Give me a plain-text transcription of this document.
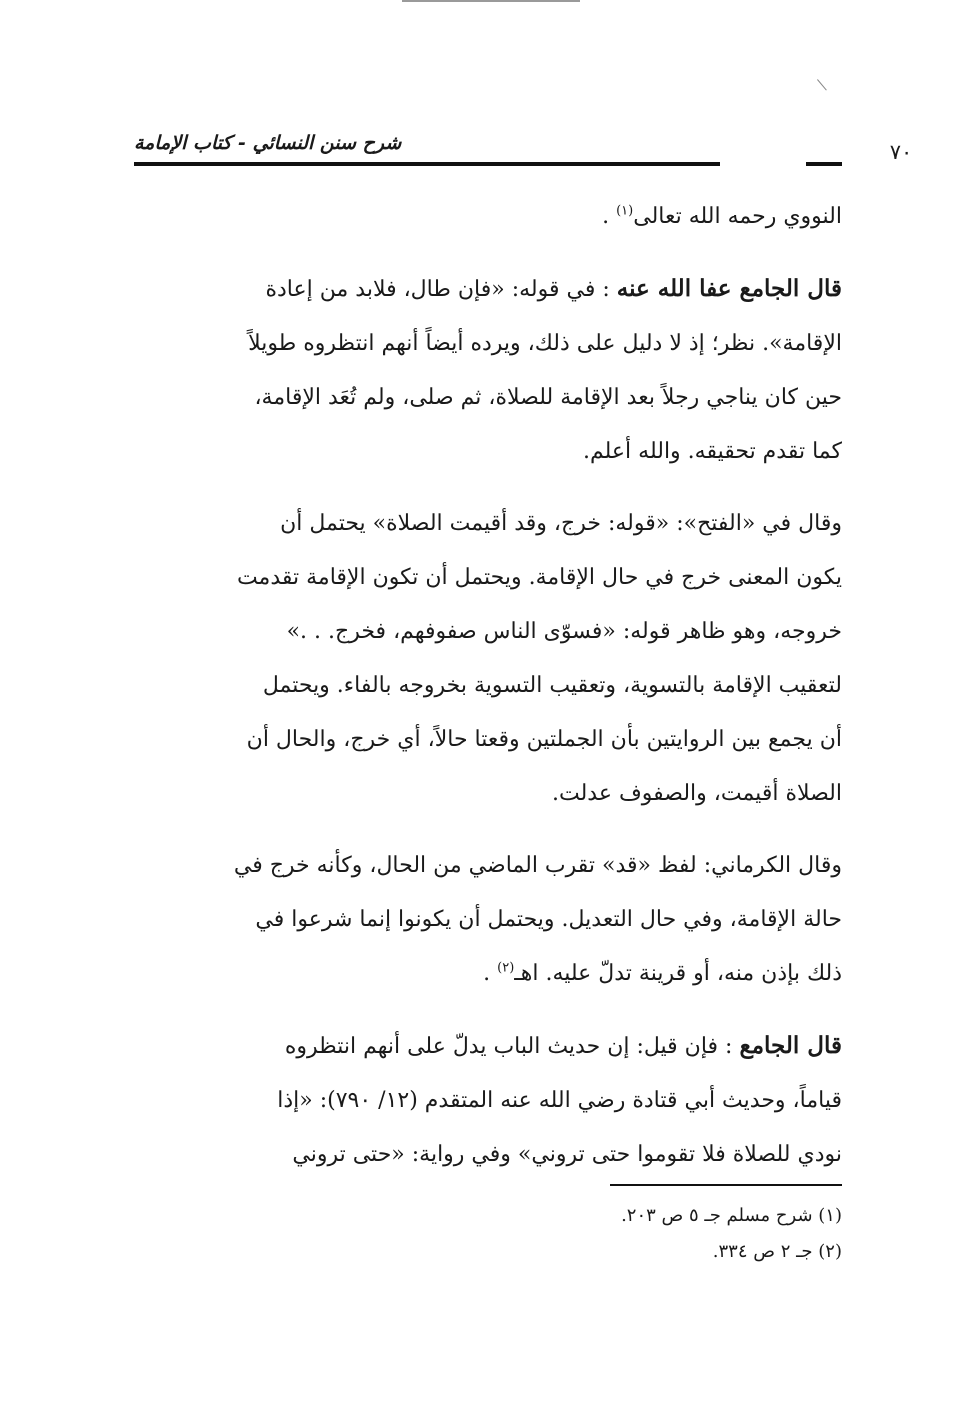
شرح سنن النسائي - كتاب الإمامة	٧٠
النووي رحمه الله تعالى$^{(١)}$ .
قال الجامع عفا الله عنه : في قوله: «فإن طال، فلابد من إعادة
الإقامة». نظر؛ إذ لا دليل على ذلك، ويرده أيضاً أنهم انتظروه طويلاً
حين كان يناجي رجلاً بعد الإقامة للصلاة، ثم صلى، ولم تُعَد الإقامة،
كما تقدم تحقيقه. والله أعلم.
وقال في «الفتح»: «قوله: خرج، وقد أقيمت الصلاة» يحتمل أن
يكون المعنى خرج في حال الإقامة. ويحتمل أن تكون الإقامة تقدمت
خروجه، وهو ظاهر قوله: «فسوّى الناس صفوفهم، فخرج. . .»
لتعقيب الإقامة بالتسوية، وتعقيب التسوية بخروجه بالفاء. ويحتمل
أن يجمع بين الروايتين بأن الجملتين وقعتا حالاً، أي خرج، والحال أن
الصلاة أقيمت، والصفوف عدلت.
وقال الكرماني: لفظ «قد» تقرب الماضي من الحال، وكأنه خرج في
حالة الإقامة، وفي حال التعديل. ويحتمل أن يكونوا إنما شرعوا في
ذلك بإذن منه، أو قرينة تدلّ عليه. اهـ$^{(٢)}$ .
قال الجامع : فإن قيل: إن حديث الباب يدلّ على أنهم انتظروه
قياماً، وحديث أبي قتادة رضي الله عنه المتقدم (١٢/ ٧٩٠): «إذا
نودي للصلاة فلا تقوموا حتى تروني» وفي رواية: «حتى تروني
(١) شرح مسلم جـ ٥ ص ٢٠٣.
(٢) جـ ٢ ص ٣٣٤.
